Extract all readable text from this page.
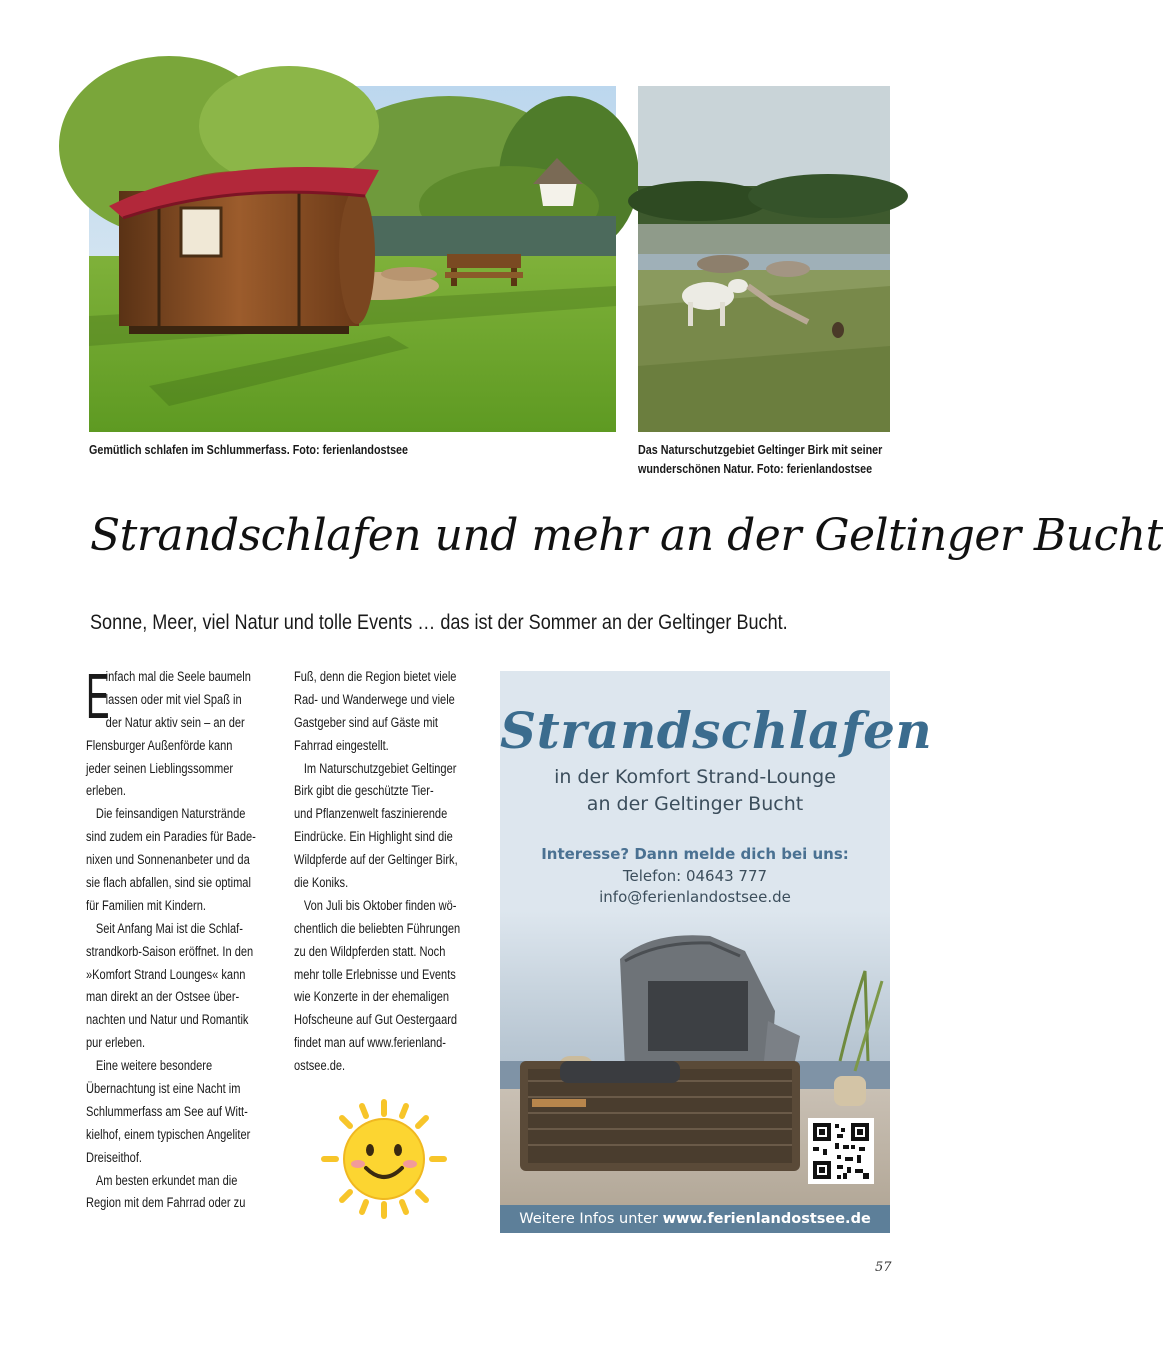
Gemütlich schlafen im Schlummerfass. Foto: ferienlandostsee	Das Naturschutzgebiet Geltinger Birk mit seiner
wunderschönen Natur. Foto: ferienlandostsee
Strandschlafen und mehr an der Geltinger Bucht
Sonne, Meer, viel Natur und tolle Events … das ist der Sommer an der Geltinger Bucht.
E
infach mal die Seele baumeln
lassen oder mit viel Spaß in
der Natur aktiv sein – an der
Flensburger Außenförde kann
jeder seinen Lieblingssommer
erleben.
Die feinsandigen Naturstrände
sind zudem ein Paradies für Bade-
nixen und Sonnenanbeter und da
sie flach abfallen, sind sie optimal
für Familien mit Kindern.
Seit Anfang Mai ist die Schlaf-
strandkorb-Saison eröffnet. In den
»Komfort Strand Lounges« kann
man direkt an der Ostsee über-
nachten und Natur und Romantik
pur erleben.
Eine weitere besondere
Übernachtung ist eine Nacht im
Schlummerfass am See auf Witt-
kielhof, einem typischen Angeliter
Dreiseithof.
Am besten erkundet man die
Region mit dem Fahrrad oder zu
Fuß, denn die Region bietet viele
Rad- und Wanderwege und viele
Gastgeber sind auf Gäste mit
Fahrrad eingestellt.
Im Naturschutzgebiet Geltinger
Birk gibt die geschützte Tier-
und Pflanzenwelt faszinierende
Eindrücke. Ein Highlight sind die
Wildpferde auf der Geltinger Birk,
die Koniks.
Von Juli bis Oktober finden wö-
chentlich die beliebten Führungen
zu den Wildpferden statt. Noch
mehr tolle Erlebnisse und Events
wie Konzerte in der ehemaligen
Hofscheune auf Gut Oestergaard
findet man auf www.ferienland-
ostsee.de.
Strandschlafen
in der Komfort Strand-Lounge
an der Geltinger Bucht
Interesse? Dann melde dich bei uns:
Telefon: 04643 777
info@ferienlandostsee.de
Weitere Infos unter www.ferienlandostsee.de
57
